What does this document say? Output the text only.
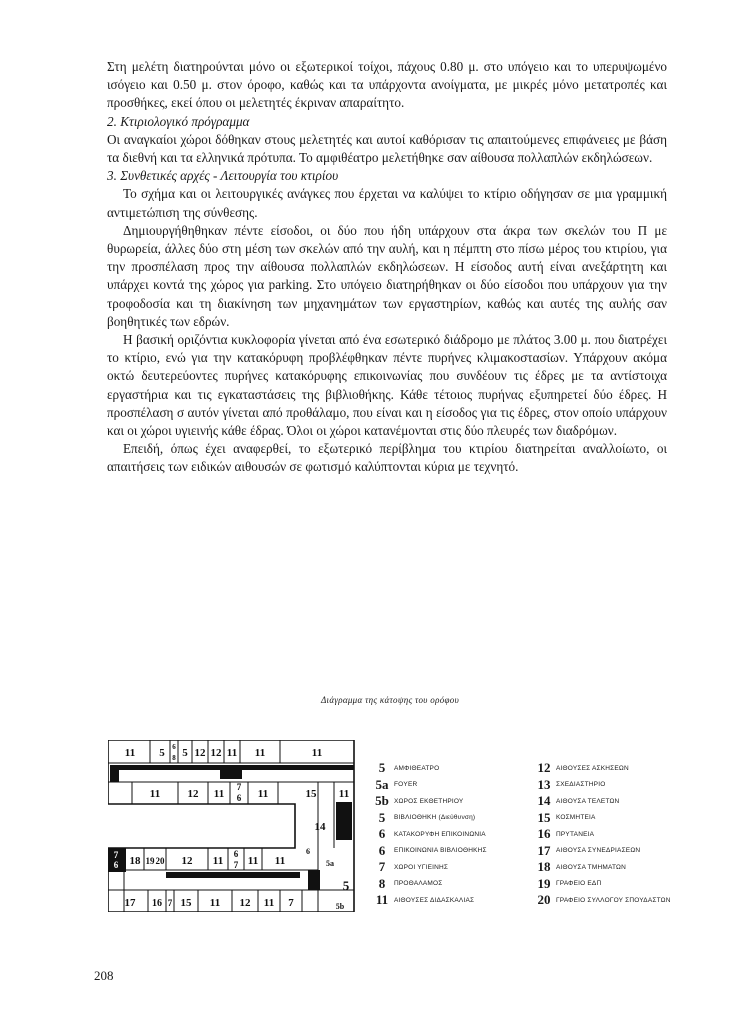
Στη μελέτη διατηρούνται μόνο οι εξωτερικοί τοίχοι, πάχους 0.80 μ. στο υπόγειο και το υπερυψωμένο ισόγειο και 0.50 μ. στον όροφο, καθώς και τα υπάρχοντα ανοίγματα, με μικρές μόνο μετατροπές και προσθήκες, εκεί όπου οι μελετητές έκριναν απαραίτητο.

2. Κτιριολογικό πρόγραμμα

Οι αναγκαίοι χώροι δόθηκαν στους μελετητές και αυτοί καθόρισαν τις απαιτούμενες επιφάνειες με βάση τα διεθνή και τα ελληνικά πρότυπα. Το αμφιθέατρο μελετήθηκε σαν αίθουσα πολλαπλών εκδηλώσεων.

3. Συνθετικές αρχές - Λειτουργία του κτιρίου

Το σχήμα και οι λειτουργικές ανάγκες που έρχεται να καλύψει το κτίριο οδήγησαν σε μια γραμμική αντιμετώπιση της σύνθεσης.

Δημιουργήθηθηκαν πέντε είσοδοι, οι δύο που ήδη υπάρχουν στα άκρα των σκελών του Π με θυρωρεία, άλλες δύο στη μέση των σκελών από την αυλή, και η πέμπτη στο πίσω μέρος του κτιρίου, για την προσπέλαση προς την αίθουσα πολλαπλών εκδηλώσεων. Η είσοδος αυτή είναι ανεξάρτητη και υπάρχει κοντά της χώρος για parking. Στο υπόγειο διατηρήθηκαν οι δύο είσοδοι που υπάρχουν για την τροφοδοσία και τη διακίνηση των μηχανημάτων των εργαστηρίων, καθώς και αυτές της αυλής σαν βοηθητικές των εδρών.

Η βασική οριζόντια κυκλοφορία γίνεται από ένα εσωτερικό διάδρομο με πλάτος 3.00 μ. που διατρέχει το κτίριο, ενώ για την κατακόρυφη προβλέφθηκαν πέντε πυρήνες κλιμακοστασίων. Υπάρχουν ακόμα οκτώ δευτερεύοντες πυρήνες κατακόρυφης επικοινωνίας που συνδέουν τις έδρες με τα αντίστοιχα εργαστήρια και τις εγκαταστάσεις της βιβλιοθήκης. Κάθε τέτοιος πυρήνας εξυπηρετεί δύο έδρες. Η προσπέλαση σ αυτόν γίνεται από προθάλαμο, που είναι και η είσοδος για τις έδρες, στον οποίο υπάρχουν και οι χώροι υγιεινής κάθε έδρας. Όλοι οι χώροι κατανέμονται στις δύο πλευρές των διαδρόμων.

Επειδή, όπως έχει αναφερθεί, το εξωτερικό περίβλημα του κτιρίου διατηρείται αναλλοίωτο, οι απαιτήσεις των ειδικών αιθουσών σε φωτισμό καλύπτονται κύρια με τεχνητό.

Διάγραμμα της κάτοψης του ορόφου
11 5 6
8 5 12 12 11 11	11
11 12 11
7
6 11	15 11
14
6
5a
7
6 18 19 20 12 11
6
7 11 11
17 16 7 15 11 12 11 7
5
5b
5	ΑΜΦΙΘΕΑΤΡΟ
5a FOYER
5b ΧΩΡΟΣ ΕΚΘΕΤΗΡΙΟΥ
5	ΒΙΒΛΙΟΘΗΚΗ (Διεύθυνση)
6	ΚΑΤΑΚΟΡΥΦΗ ΕΠΙΚΟΙΝΩΝΙΑ
6	ΕΠΙΚΟΙΝΩΝΙΑ ΒΙΒΛΙΟΘΗΚΗΣ
7	ΧΩΡΟΙ ΥΓΙΕΙΝΗΣ
8	ΠΡΟΘΑΛΑΜΟΣ
11 ΑΙΘΟΥΣΕΣ ΔΙΔΑΣΚΑΛΙΑΣ
12 ΑΙΘΟΥΣΕΣ ΑΣΚΗΣΕΩΝ
13 ΣΧΕΔΙΑΣΤΗΡΙΟ
14 ΑΙΘΟΥΣΑ ΤΕΛΕΤΩΝ
15 ΚΟΣΜΗΤΕΙΑ
16 ΠΡΥΤΑΝΕΙΑ
17 ΑΙΘΟΥΣΑ ΣΥΝΕΔΡΙΑΣΕΩΝ
18 ΑΙΘΟΥΣΑ ΤΜΗΜΑΤΩΝ
19 ΓΡΑΦΕΙΟ ΕΔΠ
20 ΓΡΑΦΕΙΟ ΣΥΛΛΟΓΟΥ ΣΠΟΥΔΑΣΤΩΝ
208
